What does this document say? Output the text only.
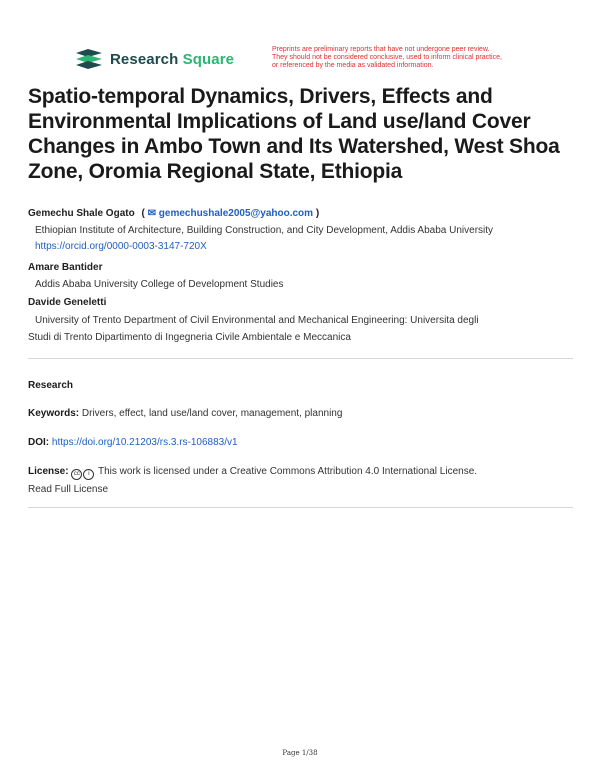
Research Square
Preprints are preliminary reports that have not undergone peer review.
They should not be considered conclusive, used to inform clinical practice,
or referenced by the media as validated information.
Spatio-temporal Dynamics, Drivers, Effects and Environmental Implications of Land use/land Cover Changes in Ambo Town and Its Watershed, West Shoa Zone, Oromia Regional State, Ethiopia
Gemechu Shale Ogato ( ✉ gemechushale2005@yahoo.com )
Ethiopian Institute of Architecture, Building Construction, and City Development, Addis Ababa University
https://orcid.org/0000-0003-3147-720X
Amare Bantider
Addis Ababa University College of Development Studies
Davide Geneletti
University of Trento Department of Civil Environmental and Mechanical Engineering: Universita degli
Studi di Trento Dipartimento di Ingegneria Civile Ambientale e Meccanica
Research
Keywords: Drivers, effect, land use/land cover, management, planning
DOI: https://doi.org/10.21203/rs.3.rs-106883/v1
License: cc i This work is licensed under a Creative Commons Attribution 4.0 International License.
Read Full License
Page 1/38
